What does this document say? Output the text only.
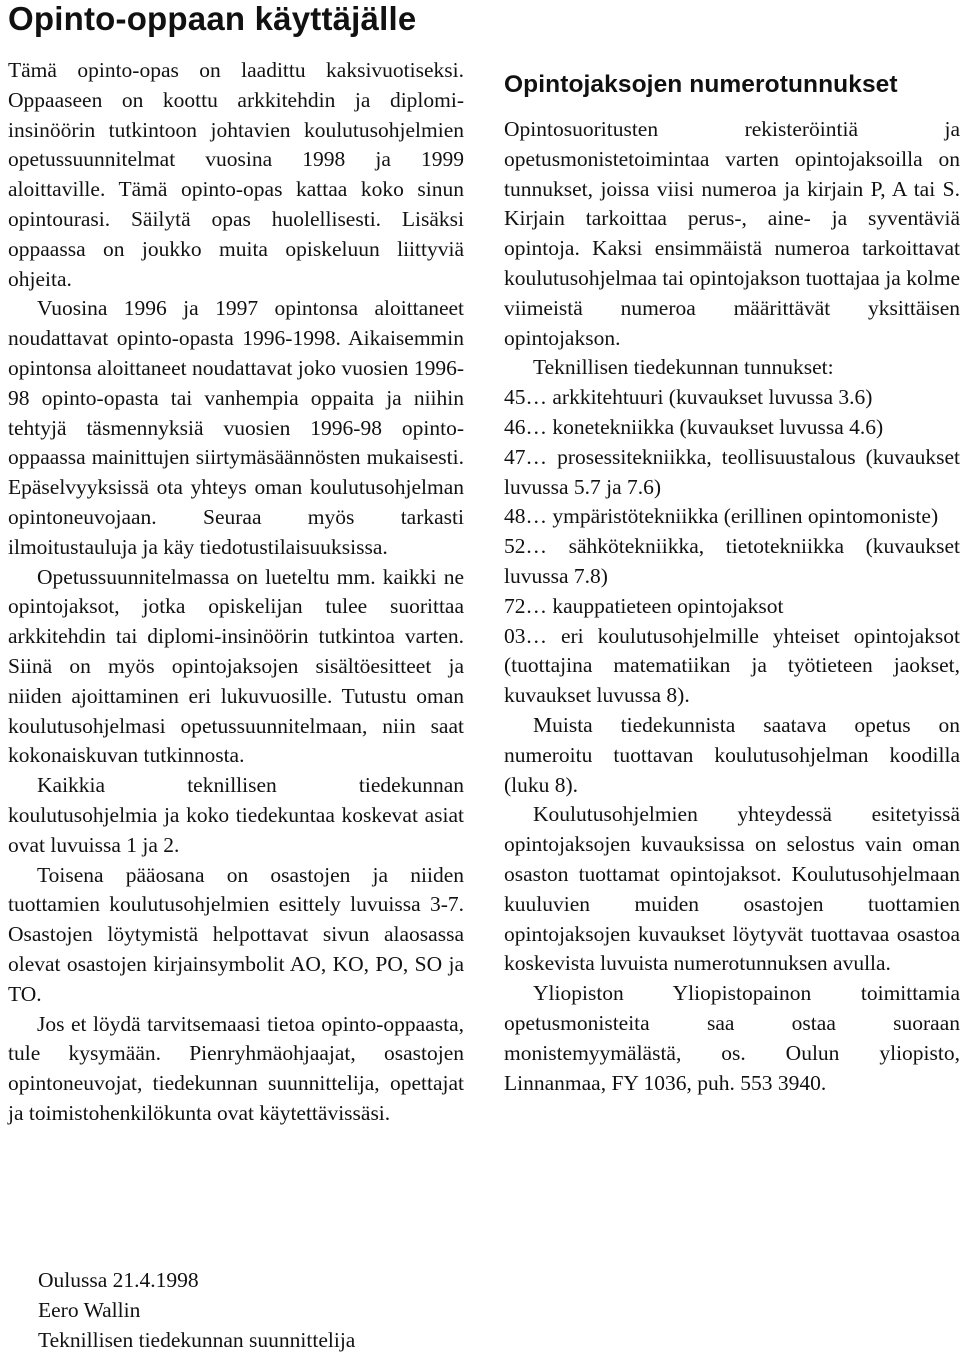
Opinto-oppaan käyttäjälle

Tämä opinto-opas on laadittu kaksivuotiseksi. Oppaaseen on koottu arkkitehdin ja diplomi-insinöörin tutkintoon johtavien koulutusohjelmien opetussuunnitelmat vuosina 1998 ja 1999 aloittaville. Tämä opinto-opas kattaa koko sinun opintourasi. Säilytä opas huolellisesti. Lisäksi oppaassa on joukko muita opiskeluun liittyviä ohjeita.

Vuosina 1996 ja 1997 opintonsa aloittaneet noudattavat opinto-opasta 1996-1998. Aikaisemmin opintonsa aloittaneet noudattavat joko vuosien 1996-98 opinto-opasta tai vanhempia oppaita ja niihin tehtyjä täsmennyksiä vuosien 1996-98 opinto-oppaassa mainittujen siirtymäsäännösten mukaisesti. Epäselvyyksissä ota yhteys oman koulutusohjelman opintoneuvojaan. Seuraa myös tarkasti ilmoitustauluja ja käy tiedotustilaisuuksissa.

Opetussuunnitelmassa on lueteltu mm. kaikki ne opintojaksot, jotka opiskelijan tulee suorittaa arkkitehdin tai diplomi-insinöörin tutkintoa varten. Siinä on myös opintojaksojen sisältöesitteet ja niiden ajoittaminen eri lukuvuosille. Tutustu oman koulutusohjelmasi opetussuunnitelmaan, niin saat kokonaiskuvan tutkinnosta.

Kaikkia teknillisen tiedekunnan koulutusohjelmia ja koko tiedekuntaa koskevat asiat ovat luvuissa 1 ja 2.

Toisena pääosana on osastojen ja niiden tuottamien koulutusohjelmien esittely luvuissa 3-7. Osastojen löytymistä helpottavat sivun alaosassa olevat osastojen kirjainsymbolit AO, KO, PO, SO ja TO.

Jos et löydä tarvitsemaasi tietoa opinto-oppaasta, tule kysymään. Pienryhmäohjaajat, osastojen opintoneuvojat, tiedekunnan suunnittelija, opettajat ja toimistohenkilökunta ovat käytettävissäsi.

Opintojaksojen numerotunnukset

Opintosuoritusten rekisteröintiä ja opetusmonistetoimintaa varten opintojaksoilla on tunnukset, joissa viisi numeroa ja kirjain P, A tai S. Kirjain tarkoittaa perus-, aine- ja syventäviä opintoja. Kaksi ensimmäistä numeroa tarkoittavat koulutusohjelmaa tai opintojakson tuottajaa ja kolme viimeistä numeroa määrittävät yksittäisen opintojakson.

Teknillisen tiedekunnan tunnukset:

45… arkkitehtuuri (kuvaukset luvussa 3.6)
46… konetekniikka (kuvaukset luvussa 4.6)
47… prosessitekniikka, teollisuustalous (kuvaukset luvussa 5.7 ja 7.6)
48… ympäristötekniikka (erillinen opintomoniste)
52… sähkötekniikka, tietotekniikka (kuvaukset luvussa 7.8)
72… kauppatieteen opintojaksot
03… eri koulutusohjelmille yhteiset opintojaksot (tuottajina matematiikan ja työtieteen jaokset, kuvaukset luvussa 8).

Muista tiedekunnista saatava opetus on numeroitu tuottavan koulutusohjelman koodilla (luku 8).

Koulutusohjelmien yhteydessä esitetyissä opintojaksojen kuvauksissa on selostus vain oman osaston tuottamat opintojaksot. Koulutusohjelmaan kuuluvien muiden osastojen tuottamien opintojaksojen kuvaukset löytyvät tuottavaa osastoa koskevista luvuista numerotunnuksen avulla.

Yliopiston Yliopistopainon toimittamia opetusmonisteita saa ostaa suoraan monistemyymälästä, os. Oulun yliopisto, Linnanmaa, FY 1036, puh. 553 3940.

Oulussa 21.4.1998
Eero Wallin
Teknillisen tiedekunnan suunnittelija
